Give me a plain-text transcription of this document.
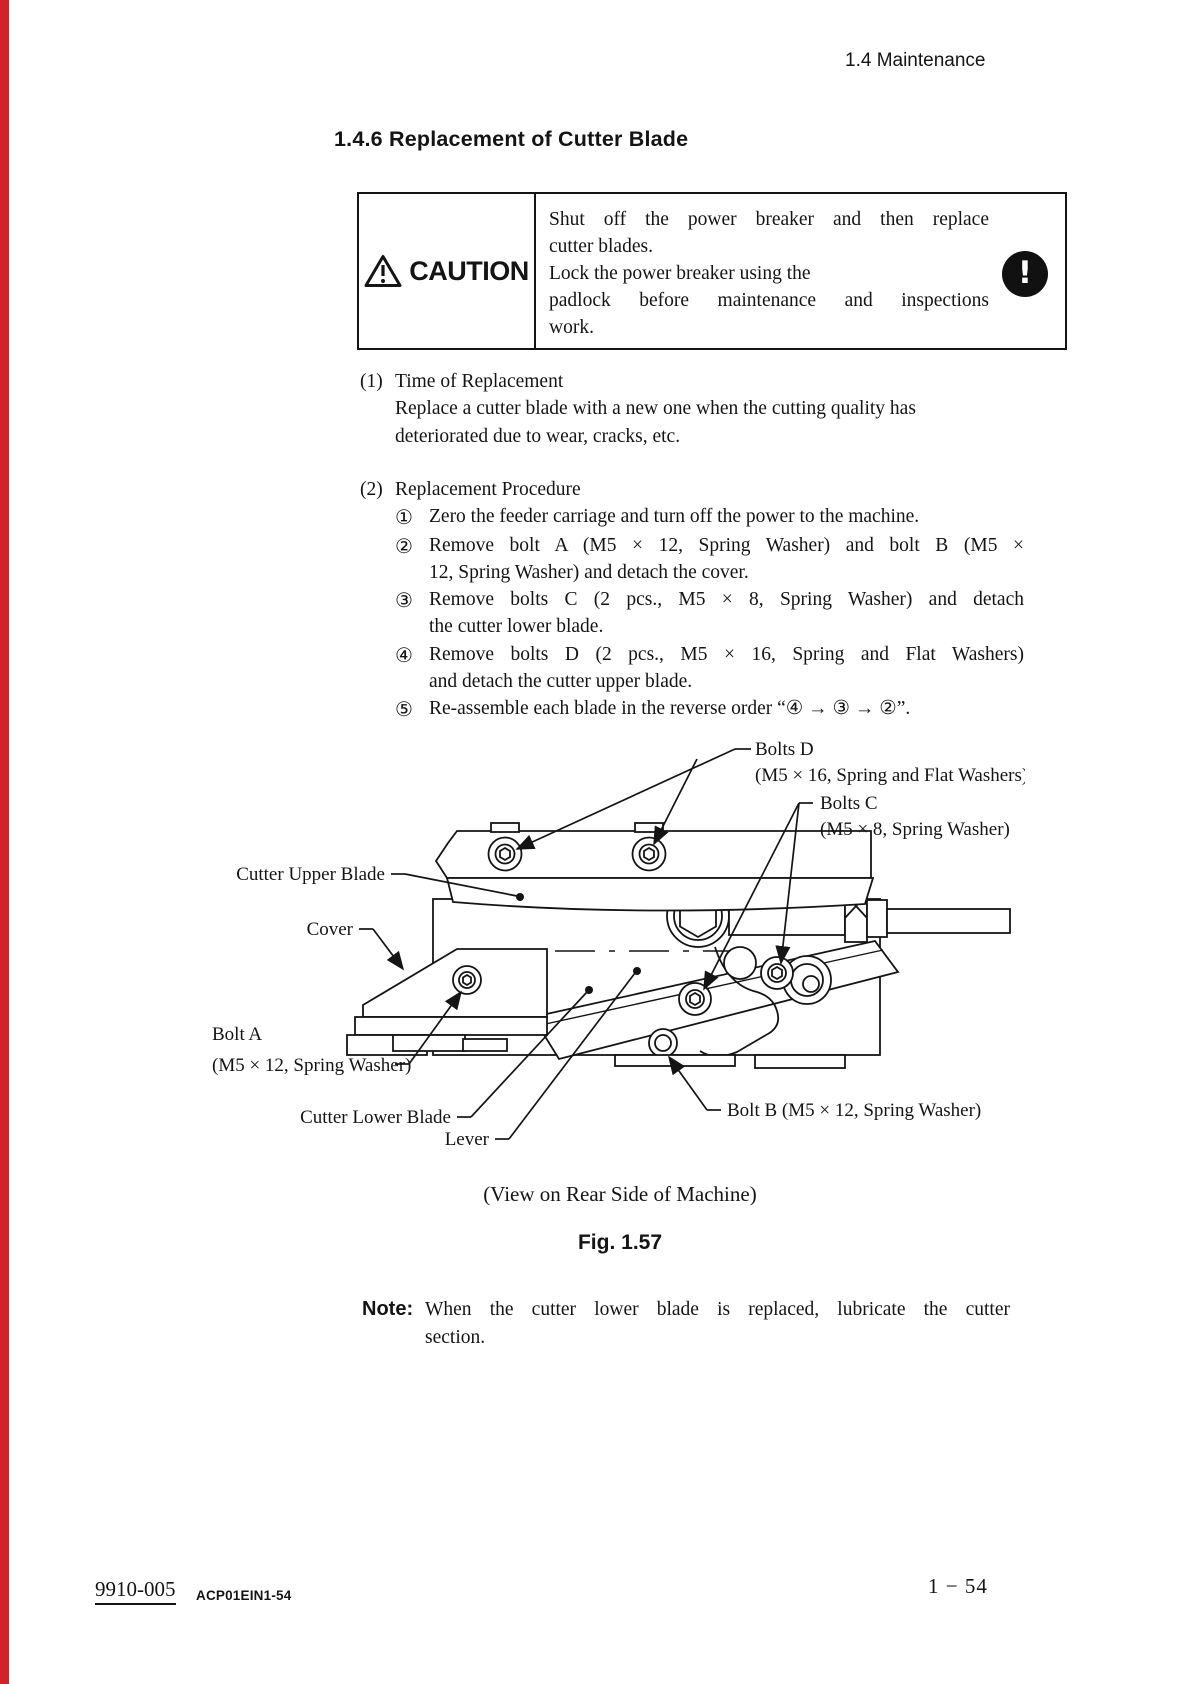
1.4 Maintenance
1.4.6 Replacement of Cutter Blade
CAUTION
Shut off the power breaker and then replace
cutter blades.
Lock the power breaker using the
padlock before maintenance and inspections
work.
!
(1) Time of Replacement
Replace a cutter blade with a new one when the cutting quality has
deteriorated due to wear, cracks, etc.
(2) Replacement Procedure
① Zero the feeder carriage and turn off the power to the machine.
② Remove bolt A (M5 × 12, Spring Washer) and bolt B (M5 ×
12, Spring Washer) and detach the cover.
③ Remove bolts C (2 pcs., M5 × 8, Spring Washer) and detach
the cutter lower blade.
④ Remove bolts D (2 pcs., M5 × 16, Spring and Flat Washers)
and detach the cutter upper blade.
⑤ Re-assemble each blade in the reverse order “④ → ③ → ②”.
Bolts D
(M5 × 16, Spring and Flat Washers)
Bolts C
(M5 × 8, Spring Washer)
Cutter Upper Blade
Cover
Bolt A
(M5 × 12, Spring Washer)
Cutter Lower Blade
Lever
Bolt B (M5 × 12, Spring Washer)
(View on Rear Side of Machine)
Fig. 1.57
Note: When the cutter lower blade is replaced, lubricate the cutter
section.
9910-005 ACP01EIN1-54	1 − 54
